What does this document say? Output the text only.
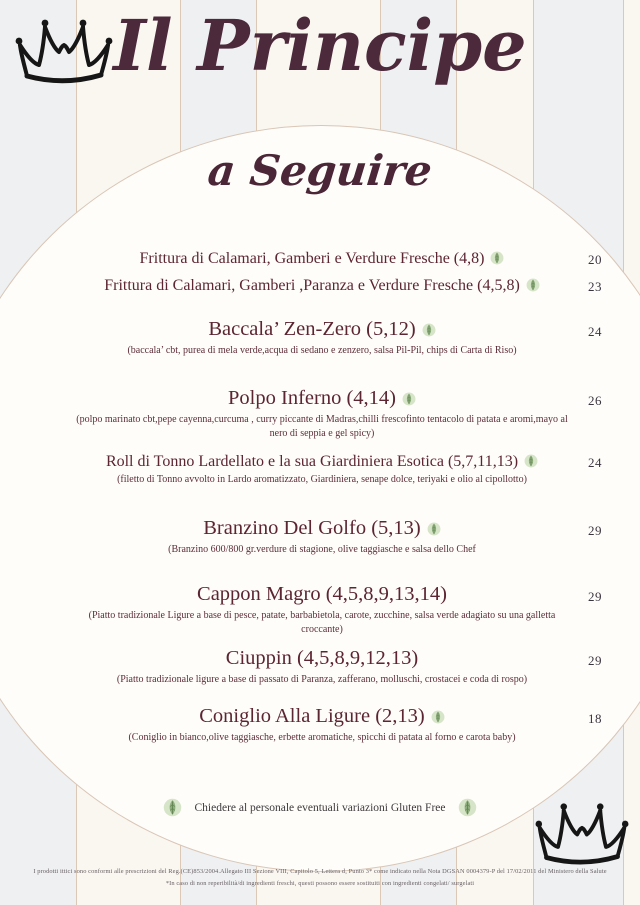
Il Principe
a Seguire
Frittura di Calamari, Gamberi e Verdure Fresche (4,8)	20
Frittura di Calamari, Gamberi ,Paranza e Verdure Fresche (4,5,8)	23
Baccala’ Zen-Zero (5,12)
(baccala’ cbt, purea di mela verde,acqua di sedano e zenzero, salsa Pil-Pil, chips di Carta di Riso)
24
Polpo Inferno (4,14)
(polpo marinato cbt,pepe cayenna,curcuma , curry piccante di Madras,chilli frescofinto tentacolo di patata e aromi,mayo al nero di seppia e gel spicy)
26
Roll di Tonno Lardellato e la sua Giardiniera Esotica (5,7,11,13)
(filetto di Tonno avvolto in Lardo aromatizzato, Giardiniera, senape dolce, teriyaki e olio al cipollotto)
24
Branzino Del Golfo (5,13)
(Branzino 600/800 gr.verdure di stagione, olive taggiasche e salsa dello Chef
29
Cappon Magro (4,5,8,9,13,14)
(Piatto tradizionale Ligure a base di pesce, patate, barbabietola, carote, zucchine, salsa verde adagiato su una galletta croccante)
29
Ciuppin (4,5,8,9,12,13)
(Piatto tradizionale ligure a base di passato di Paranza, zafferano, molluschi, crostacei e coda di rospo)
29
Coniglio Alla Ligure (2,13)
(Coniglio in bianco,olive taggiasche, erbette aromatiche, spicchi di patata al forno e carota baby)
18
Chiedere al personale eventuali variazioni Gluten Free
I prodotti ittici sono conformi alle prescrizioni del Reg.(CE)853/2004.Allegato III Sezione VIII, Capitolo 5, Lettera d, Punto 3* come indicato nella Nota DGSAN 0004379-P del 17/02/2011 del Ministero della Salute
*In caso di non reperibilità/di ingredienti freschi, questi possono essere sostituiti con ingredienti congelati/ surgelati
